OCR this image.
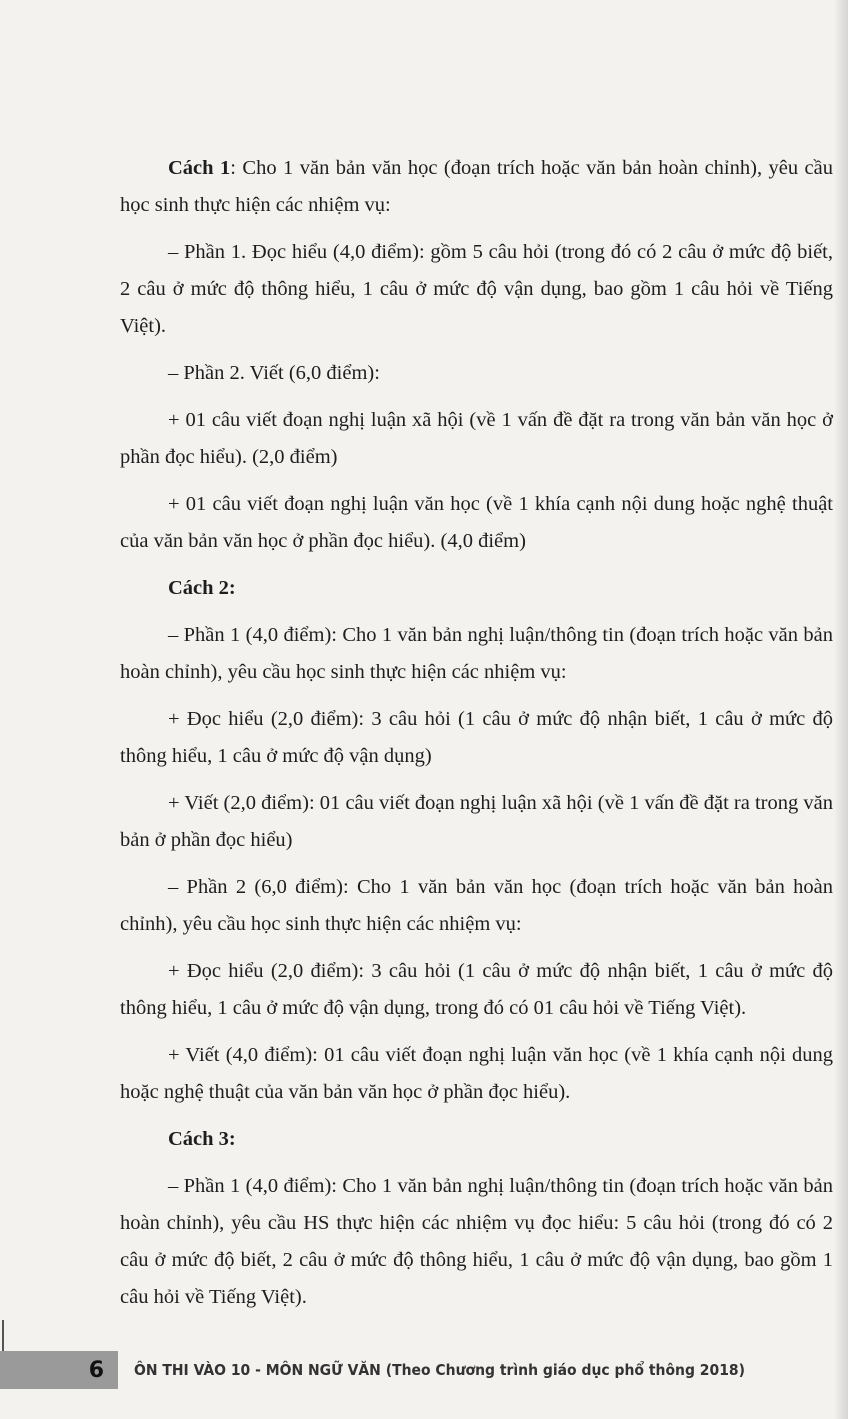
Cách 1: Cho 1 văn bản văn học (đoạn trích hoặc văn bản hoàn chỉnh), yêu cầu học sinh thực hiện các nhiệm vụ:

– Phần 1. Đọc hiểu (4,0 điểm): gồm 5 câu hỏi (trong đó có 2 câu ở mức độ biết, 2 câu ở mức độ thông hiểu, 1 câu ở mức độ vận dụng, bao gồm 1 câu hỏi về Tiếng Việt).

– Phần 2. Viết (6,0 điểm):

+ 01 câu viết đoạn nghị luận xã hội (về 1 vấn đề đặt ra trong văn bản văn học ở phần đọc hiểu). (2,0 điểm)

+ 01 câu viết đoạn nghị luận văn học (về 1 khía cạnh nội dung hoặc nghệ thuật của văn bản văn học ở phần đọc hiểu). (4,0 điểm)

Cách 2:

– Phần 1 (4,0 điểm): Cho 1 văn bản nghị luận/thông tin (đoạn trích hoặc văn bản hoàn chỉnh), yêu cầu học sinh thực hiện các nhiệm vụ:

+ Đọc hiểu (2,0 điểm): 3 câu hỏi (1 câu ở mức độ nhận biết, 1 câu ở mức độ thông hiểu, 1 câu ở mức độ vận dụng)

+ Viết (2,0 điểm): 01 câu viết đoạn nghị luận xã hội (về 1 vấn đề đặt ra trong văn bản ở phần đọc hiểu)

– Phần 2 (6,0 điểm): Cho 1 văn bản văn học (đoạn trích hoặc văn bản hoàn chỉnh), yêu cầu học sinh thực hiện các nhiệm vụ:

+ Đọc hiểu (2,0 điểm): 3 câu hỏi (1 câu ở mức độ nhận biết, 1 câu ở mức độ thông hiểu, 1 câu ở mức độ vận dụng, trong đó có 01 câu hỏi về Tiếng Việt).

+ Viết (4,0 điểm): 01 câu viết đoạn nghị luận văn học (về 1 khía cạnh nội dung hoặc nghệ thuật của văn bản văn học ở phần đọc hiểu).

Cách 3:

– Phần 1 (4,0 điểm): Cho 1 văn bản nghị luận/thông tin (đoạn trích hoặc văn bản hoàn chỉnh), yêu cầu HS thực hiện các nhiệm vụ đọc hiểu: 5 câu hỏi (trong đó có 2 câu ở mức độ biết, 2 câu ở mức độ thông hiểu, 1 câu ở mức độ vận dụng, bao gồm 1 câu hỏi về Tiếng Việt).

6	ÔN THI VÀO 10 - MÔN NGỮ VĂN (Theo Chương trình giáo dục phổ thông 2018)
